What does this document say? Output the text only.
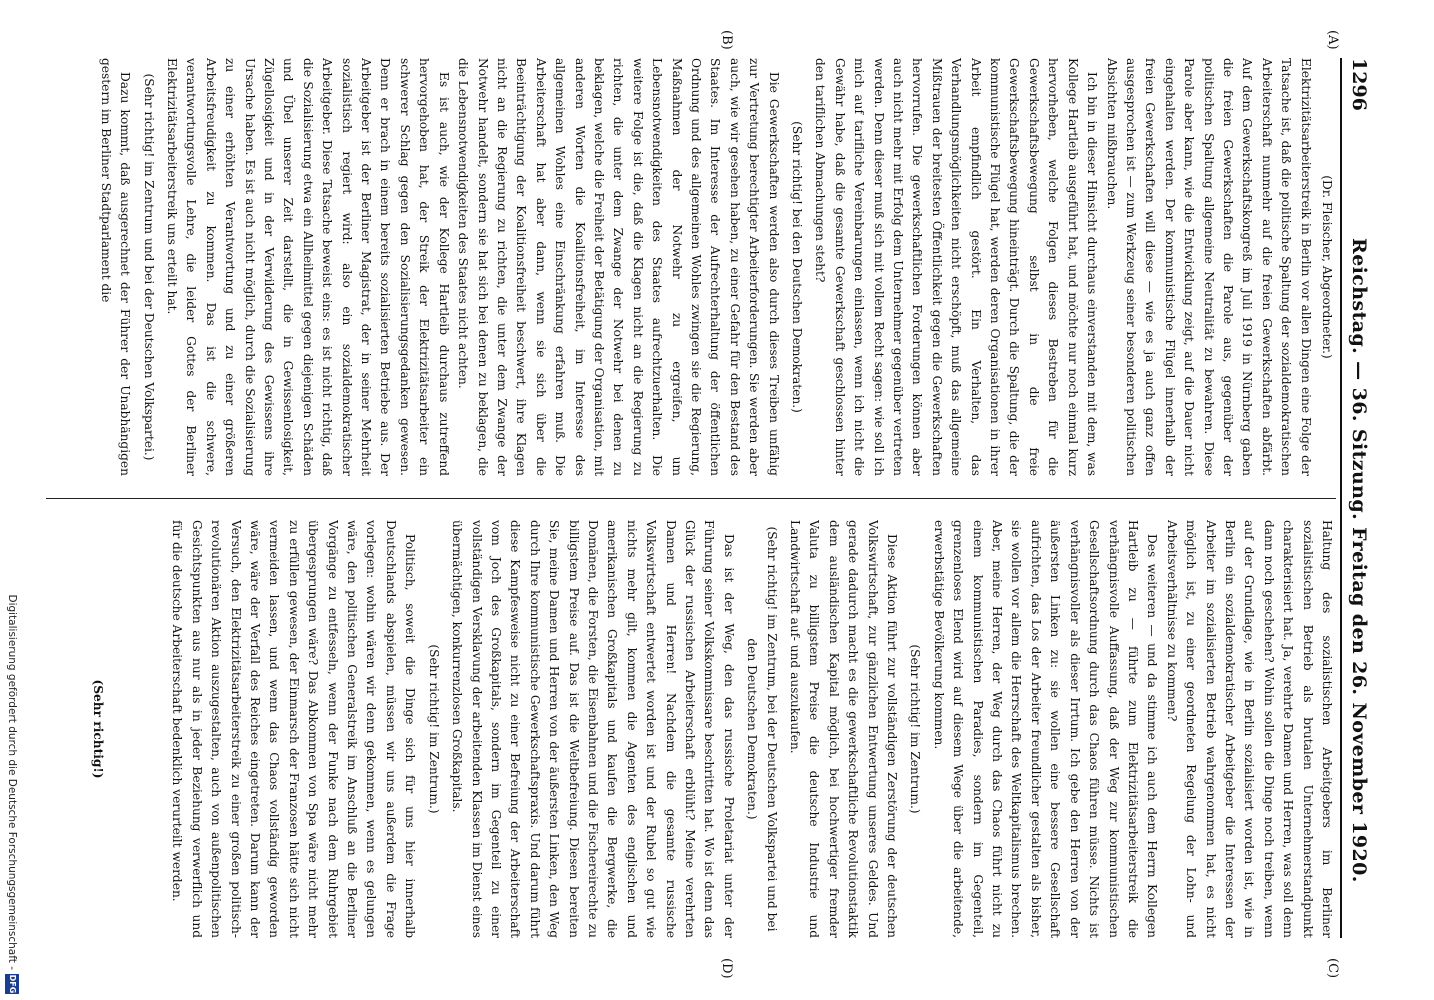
1296
Reichstag. — 36. Sitzung. Freitag den 26. November 1920.
(A)
(B)
(C)
(D)

(Dr. Fleischer, Abgeordneter.)

Elektrizitätsarbeiterstreik in Berlin vor allen Dingen eine Folge der Tatsache ist, daß die politische Spaltung der sozialdemokratischen Arbeiterschaft nunmehr auf die freien Gewerkschaften abfärbt. Auf dem Gewerkschaftskongreß im Juli 1919 in Nürnberg gaben die freien Gewerkschaften die Parole aus, gegenüber der politischen Spaltung allgemeine Neutralität zu bewahren. Diese Parole aber kann, wie die Entwicklung zeigt, auf die Dauer nicht eingehalten werden. Der kommunistische Flügel innerhalb der freien Gewerkschaften will diese — wie es ja auch ganz offen ausgesprochen ist — zum Werkzeug seiner besonderen politischen Absichten mißbrauchen.

Ich bin in dieser Hinsicht durchaus einverstanden mit dem, was Kollege Hartleib ausgeführt hat, und möchte nur noch einmal kurz hervorheben, welche Folgen dieses Bestreben für die Gewerkschaftsbewegung selbst in die freie Gewerkschaftsbewegung hineinträgt. Durch die Spaltung, die der kommunistische Flügel hat, werden deren Organisationen in ihrer Arbeit empfindlich gestört. Ein Verhalten, das Verhandlungsmöglichkeiten nicht erschöpft, muß das allgemeine Mißtrauen der breitesten Öffentlichkeit gegen die Gewerkschaften hervorrufen. Die gewerkschaftlichen Forderungen können aber auch nicht mehr mit Erfolg dem Unternehmer gegenüber vertreten werden. Denn dieser muß sich mit vollem Recht sagen: wie soll ich mich auf tarifliche Vereinbarungen einlassen, wenn ich nicht die Gewähr habe, daß die gesamte Gewerkschaft geschlossen hinter den tariflichen Abmachungen steht?

(Sehr richtig! bei den Deutschen Demokraten.)

Die Gewerkschaften werden also durch dieses Treiben unfähig zur Vertretung berechtigter Arbeiterforderungen. Sie werden aber auch, wie wir gesehen haben, zu einer Gefahr für den Bestand des Staates. Im Interesse der Aufrechterhaltung der öffentlichen Ordnung und des allgemeinen Wohles zwingen sie die Regierung, Maßnahmen der Notwehr zu ergreifen, um Lebensnotwendigkeiten des Staates aufrechtzuerhalten. Die weitere Folge ist die, daß die Klagen nicht an die Regierung zu richten, die unter dem Zwange der Notwehr bei denen zu beklagen, welche die Freiheit der Betätigung der Organisation, mit anderen Worten die Koalitionsfreiheit, im Interesse des allgemeinen Wohles eine Einschränkung erfahren muß. Die Arbeiterschaft hat aber dann, wenn sie sich über die Beeinträchtigung der Koalitionsfreiheit beschwert, ihre Klagen nicht an die Regierung zu richten, die unter dem Zwange der Notwehr handelt, sondern sie hat sich bei denen zu beklagen, die die Lebensnotwendigkeiten des Staates nicht achten.

Es ist auch, wie der Kollege Hartleib durchaus zutreffend hervorgehoben hat, der Streik der Elektrizitätsarbeiter ein schwerer Schlag gegen den Sozialisierungsgedanken gewesen. Denn er brach in einem bereits sozialisierten Betriebe aus. Der Arbeitgeber ist der Berliner Magistrat, der in seiner Mehrheit sozialistisch regiert wird: also ein sozialdemokratischer Arbeitgeber. Diese Tatsache beweist eins: es ist nicht richtig, daß die Sozialisierung etwa ein Allheilmittel gegen diejenigen Schäden und Übel unserer Zeit darstellt, die in Gewissenlosigkeit, Zügellosigkeit und in der Verwilderung des Gewissens ihre Ursache haben. Es ist auch nicht möglich, durch die Sozialisierung zu einer erhöhten Verantwortung und zu einer größeren Arbeitsfreudigkeit zu kommen. Das ist die schwere, verantwortungsvolle Lehre, die leider Gottes der Berliner Elektrizitätsarbeiterstreik uns erteilt hat.

(Sehr richtig! im Zentrum und bei der Deutschen Volkspartei.)

Dazu kommt, daß ausgerechnet der Führer der Unabhängigen gestern im Berliner Stadtparlament die

Haltung des sozialistischen Arbeitgebers im Berliner sozialistischen Betrieb als brutalen Unternehmerstandpunkt charakterisiert hat. Ja, verehrte Damen und Herren, was soll denn dann noch geschehen? Wohin sollen die Dinge noch treiben, wenn auf der Grundlage, wie in Berlin sozialisiert worden ist, wie in Berlin ein sozialdemokratischer Arbeitgeber die Interessen der Arbeiter im sozialisierten Betrieb wahrgenommen hat, es nicht möglich ist, zu einer geordneten Regelung der Lohn- und Arbeitsverhältnisse zu kommen?

Des weiteren — und da stimme ich auch dem Herrn Kollegen Hartleib zu — führte zum Elektrizitätsarbeiterstreik die verhängnisvolle Auffassung, daß der Weg zur kommunistischen Gesellschaftsordnung durch das Chaos führen müsse. Nichts ist verhängnisvoller als dieser Irrtum. Ich gebe den Herren von der äußersten Linken zu: sie wollen eine bessere Gesellschaft aufrichten, das Los der Arbeiter freundlicher gestalten als bisher, sie wollen vor allem die Herrschaft des Weltkapitalismus brechen. Aber, meine Herren, der Weg durch das Chaos führt nicht zu einem kommunistischen Paradies, sondern im Gegenteil, grenzenloses Elend wird auf diesem Wege über die arbeitende, erwerbstätige Bevölkerung kommen.

(Sehr richtig! im Zentrum.)

Diese Aktion führt zur vollständigen Zerstörung der deutschen Volkswirtschaft, zur gänzlichen Entwertung unseres Geldes. Und gerade dadurch macht es die gewerkschaftliche Revolutionstaktik dem ausländischen Kapital möglich, bei hochwertiger fremder Valuta zu billigstem Preise die deutsche Industrie und Landwirtschaft auf- und auszukaufen.

(Sehr richtig! im Zentrum, bei der Deutschen Volkspartei und bei den Deutschen Demokraten.)

Das ist der Weg, den das russische Proletariat unter der Führung seiner Volkskommissare beschritten hat. Wo ist denn das Glück der russischen Arbeiterschaft erblüht? Meine verehrten Damen und Herren! Nachdem die gesamte russische Volkswirtschaft entwertet worden ist und der Rubel so gut wie nichts mehr gilt, kommen die Agenten des englischen und amerikanischen Großkapitals und kaufen die Bergwerke, die Domänen, die Forsten, die Eisenbahnen und die Fischereirechte zu billigstem Preise auf. Das ist die Weltbefreiung. Diesen bereiten Sie, meine Damen und Herren von der äußersten Linken, den Weg durch Ihre kommunistische Gewerkschaftspraxis. Und darum führt diese Kampfesweise nicht zu einer Befreiung der Arbeiterschaft vom Joch des Großkapitals, sondern im Gegenteil zu einer vollständigen Versklavung der arbeitenden Klassen im Dienst eines übermächtigen, konkurrenzlosen Großkapitals.

(Sehr richtig! im Zentrum.)

Politisch, soweit die Dinge sich für uns hier innerhalb Deutschlands abspielen, müssen wir uns außerdem die Frage vorlegen: wohin wären wir denn gekommen, wenn es gelungen wäre, den politischen Generalstreik im Anschluß an die Berliner Vorgänge zu entfesseln, wenn der Funke nach dem Ruhrgebiet übergesprungen wäre? Das Abkommen von Spa wäre nicht mehr zu erfüllen gewesen, der Einmarsch der Franzosen hätte sich nicht vermeiden lassen, und wenn das Chaos vollständig geworden wäre, wäre der Verfall des Reiches eingetreten. Darum kann der Versuch, den Elektrizitätsarbeiterstreik zu einer großen politisch-revolutionären Aktion auszugestalten, auch von außenpolitischen Gesichtspunkten aus nur als in jeder Beziehung verwerflich und für die deutsche Arbeiterschaft bedenklich verurteilt werden.

(Sehr richtig!)

Digitalisierung gefördert durch die Deutsche Forschungsgemeinschaft -
DFG
